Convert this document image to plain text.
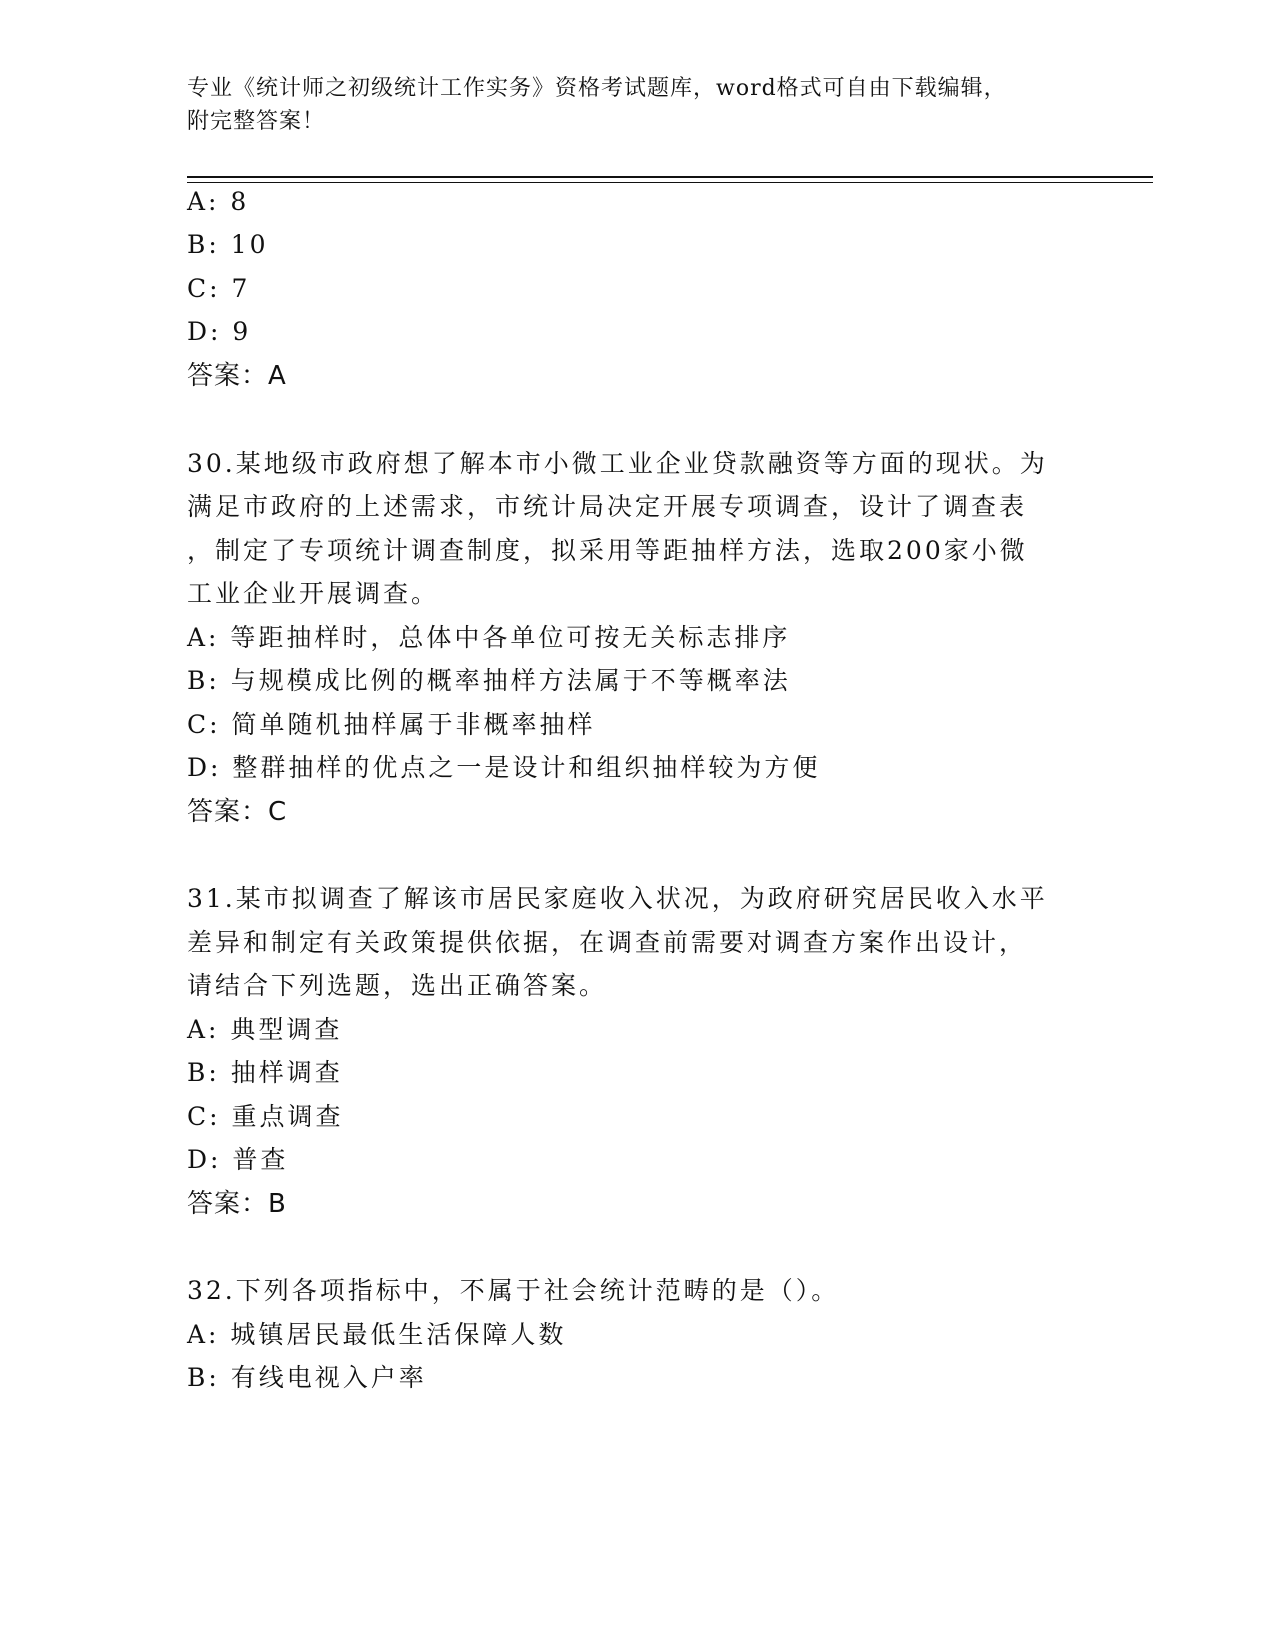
专业《统计师之初级统计工作实务》资格考试题库，word格式可自由下载编辑，
附完整答案！
A: 8
B: 10
C: 7
D: 9
答案：A
30.某地级市政府想了解本市小微工业企业贷款融资等方面的现状。为
满足市政府的上述需求，市统计局决定开展专项调查，设计了调查表
，制定了专项统计调查制度，拟采用等距抽样方法，选取200家小微
工业企业开展调查。
A: 等距抽样时，总体中各单位可按无关标志排序
B: 与规模成比例的概率抽样方法属于不等概率法
C: 简单随机抽样属于非概率抽样
D: 整群抽样的优点之一是设计和组织抽样较为方便
答案：C
31.某市拟调查了解该市居民家庭收入状况，为政府研究居民收入水平
差异和制定有关政策提供依据，在调查前需要对调查方案作出设计，
请结合下列选题，选出正确答案。
A: 典型调查
B: 抽样调查
C: 重点调查
D: 普查
答案：B
32.下列各项指标中，不属于社会统计范畴的是（）。
A: 城镇居民最低生活保障人数
B: 有线电视入户率
